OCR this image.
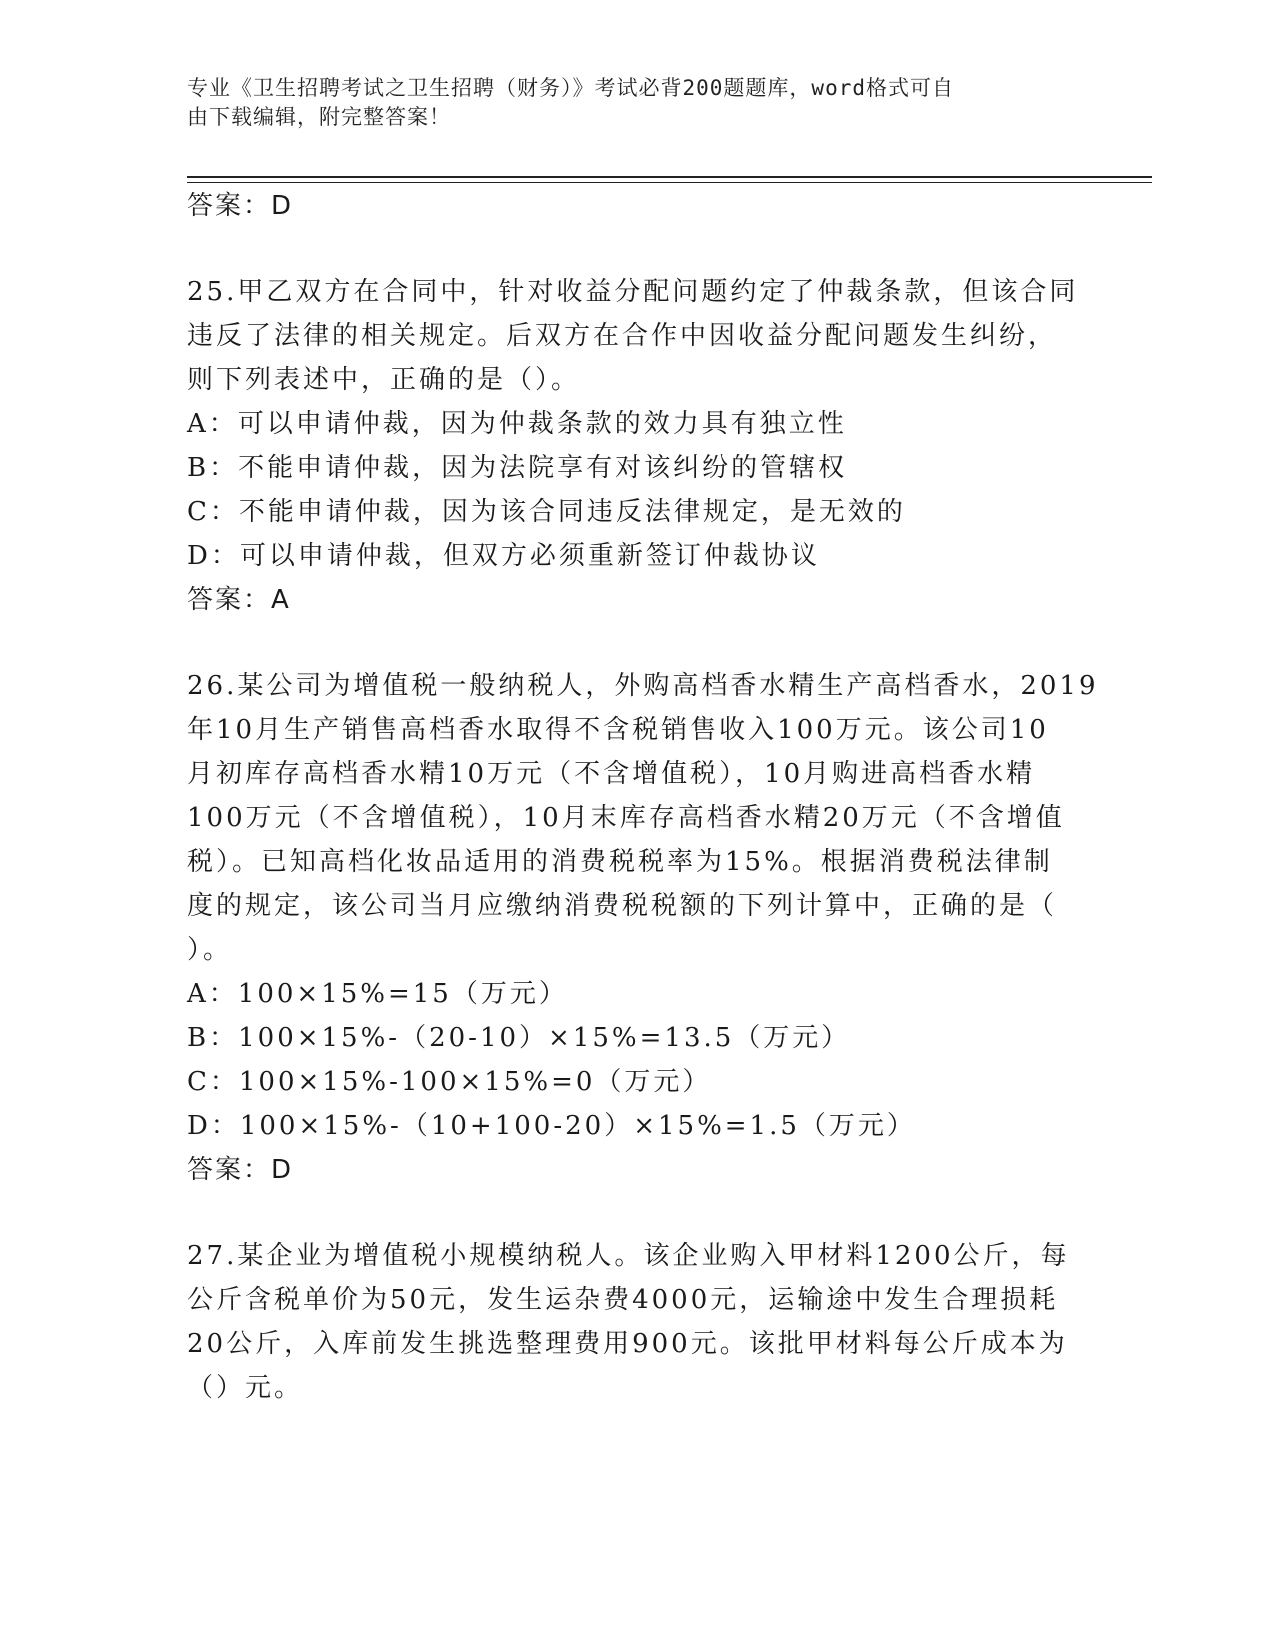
专业《卫生招聘考试之卫生招聘（财务）》考试必背200题题库，word格式可自
由下载编辑，附完整答案！
答案：D
25.甲乙双方在合同中，针对收益分配问题约定了仲裁条款，但该合同
违反了法律的相关规定。后双方在合作中因收益分配问题发生纠纷，
则下列表述中，正确的是（）。
A：可以申请仲裁，因为仲裁条款的效力具有独立性
B：不能申请仲裁，因为法院享有对该纠纷的管辖权
C：不能申请仲裁，因为该合同违反法律规定，是无效的
D：可以申请仲裁，但双方必须重新签订仲裁协议
答案：A
26.某公司为增值税一般纳税人，外购高档香水精生产高档香水，2019
年10月生产销售高档香水取得不含税销售收入100万元。该公司10
月初库存高档香水精10万元（不含增值税），10月购进高档香水精
100万元（不含增值税），10月末库存高档香水精20万元（不含增值
税）。已知高档化妆品适用的消费税税率为15%。根据消费税法律制
度的规定，该公司当月应缴纳消费税税额的下列计算中，正确的是（
）。
A：100×15%=15（万元）
B：100×15%-（20-10）×15%=13.5（万元）
C：100×15%-100×15%=0（万元）
D：100×15%-（10+100-20）×15%=1.5（万元）
答案：D
27.某企业为增值税小规模纳税人。该企业购入甲材料1200公斤，每
公斤含税单价为50元，发生运杂费4000元，运输途中发生合理损耗
20公斤，入库前发生挑选整理费用900元。该批甲材料每公斤成本为
（）元。
